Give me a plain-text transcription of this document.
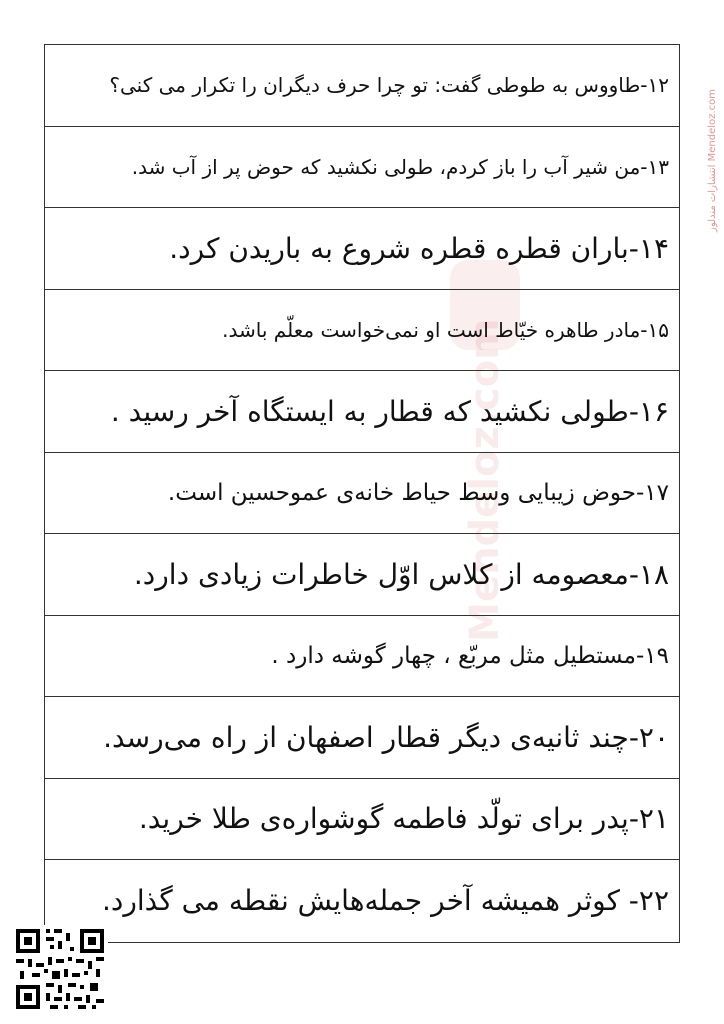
Mendeloz.com
انتشارات مندلوز Mendeloz.com
۱۲-طاووس به طوطی گفت: تو چرا حرف دیگران را تکرار می کنی؟
۱۳-من شیر آب را باز کردم، طولی نکشید که حوض پر از آب شد.
۱۴-باران قطره قطره شروع به باریدن کرد.
۱۵-مادر طاهره خیّاط است او نمی‌خواست معلّم باشد.
۱۶-طولی نکشید که قطار به ایستگاه آخر رسید .
۱۷-حوض زیبایی وسط حیاط خانه‌ی عموحسین است.
۱۸-معصومه از کلاس اوّل خاطرات زیادی دارد.
۱۹-مستطیل مثل مربّع ، چهار گوشه دارد .
۲۰-چند ثانیه‌ی دیگر قطار اصفهان از راه می‌رسد.
۲۱-پدر برای تولّد فاطمه گوشواره‌ی طلا خرید.
۲۲- کوثر همیشه آخر جمله‌هایش نقطه می گذارد.
